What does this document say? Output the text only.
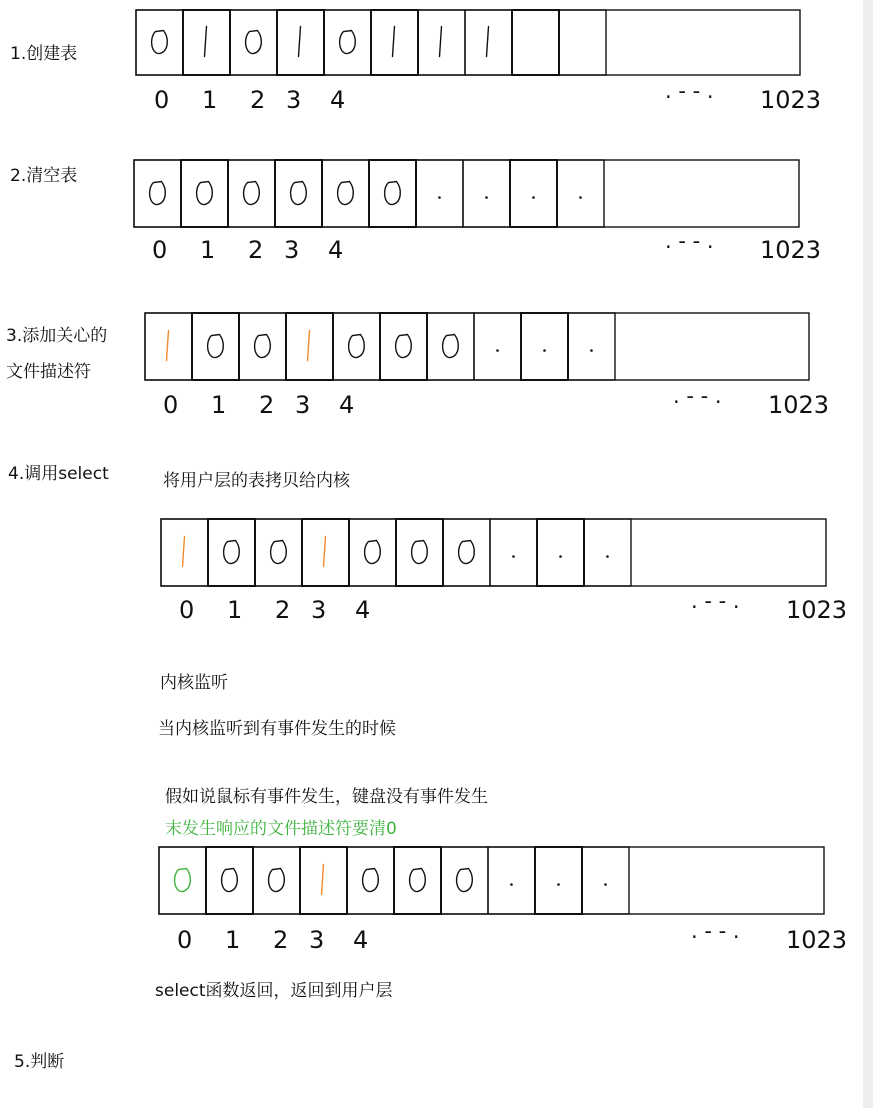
1.创建表
2.清空表
3.添加关心的
文件描述符
4.调用select
5.判断
将用户层的表拷贝给内核
内核监听
当内核监听到有事件发生的时候
假如说鼠标有事件发生，键盘没有事件发生
末发生响应的文件描述符要清0
select函数返回，返回到用户层
0 1 2 3 4	. - - . 1023
0 1 2 3 4	. - - . 1023
0 1 2 3 4	. - - . 1023
0 1 2 3 4	. - - . 1023
0 1 2 3 4	. - - . 1023
